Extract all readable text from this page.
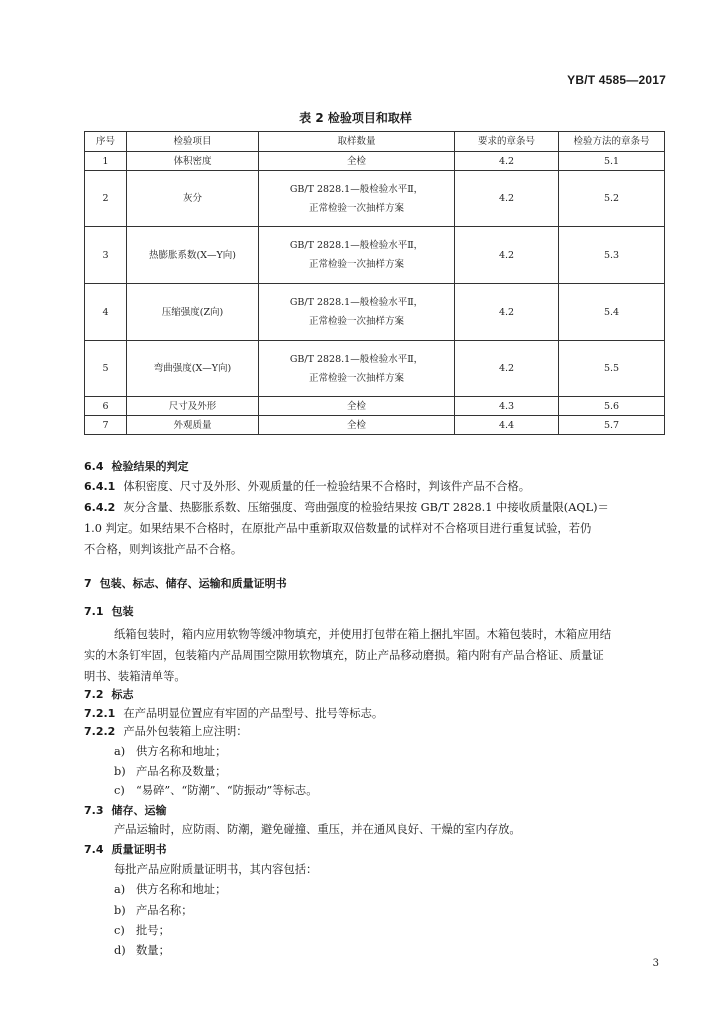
YB/T 4585—2017
表 2 检验项目和取样
序号	检验项目	取样数量	要求的章条号	检验方法的章条号
1	体积密度	全检	4.2	5.1
2	灰分	GB/T 2828.1—般检验水平Ⅱ，
正常检验一次抽样方案	4.2	5.2
3	热膨胀系数(X—Y向)	GB/T 2828.1—般检验水平Ⅱ，
正常检验一次抽样方案	4.2	5.3
4	压缩强度(Z向)	GB/T 2828.1—般检验水平Ⅱ，
正常检验一次抽样方案	4.2	5.4
5	弯曲强度(X—Y向)	GB/T 2828.1—般检验水平Ⅱ，
正常检验一次抽样方案	4.2	5.5
6	尺寸及外形	全检	4.3	5.6
7	外观质量	全检	4.4	5.7
6.4 检验结果的判定
6.4.1 体积密度、尺寸及外形、外观质量的任一检验结果不合格时，判该件产品不合格。
6.4.2 灰分含量、热膨胀系数、压缩强度、弯曲强度的检验结果按 GB/T 2828.1 中接收质量限(AQL)＝
1.0 判定。如果结果不合格时，在原批产品中重新取双倍数量的试样对不合格项目进行重复试验，若仍
不合格，则判该批产品不合格。
7 包装、标志、储存、运输和质量证明书
7.1 包装
纸箱包装时，箱内应用软物等缓冲物填充，并使用打包带在箱上捆扎牢固。木箱包装时，木箱应用结
实的木条钉牢固，包装箱内产品周围空隙用软物填充，防止产品移动磨损。箱内附有产品合格证、质量证
明书、装箱清单等。
7.2 标志
7.2.1 在产品明显位置应有牢固的产品型号、批号等标志。
7.2.2 产品外包装箱上应注明：
a) 供方名称和地址；
b) 产品名称及数量；
c) “易碎”、“防潮”、“防振动”等标志。
7.3 储存、运输
产品运输时，应防雨、防潮，避免碰撞、重压，并在通风良好、干燥的室内存放。
7.4 质量证明书
每批产品应附质量证明书，其内容包括：
a) 供方名称和地址；
b) 产品名称；
c) 批号；
d) 数量；
3
